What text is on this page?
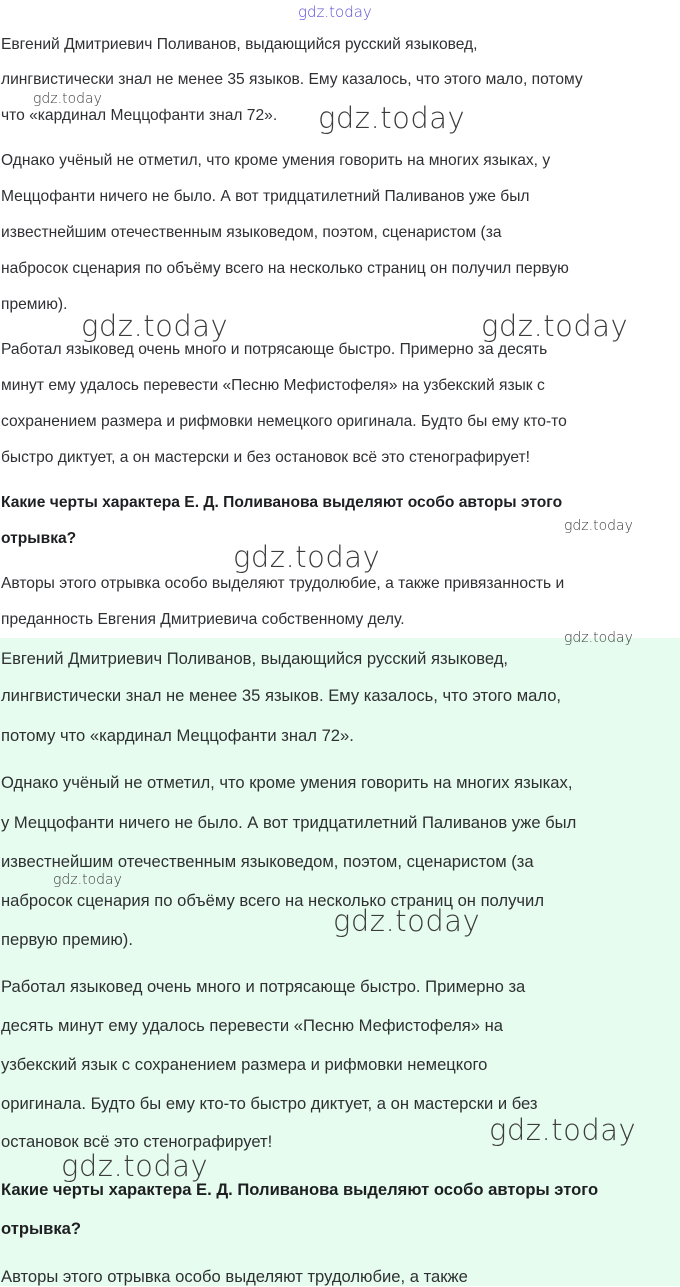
Евгений Дмитриевич Поливанов, выдающийся русский языковед,

лингвистически знал не менее 35 языков. Ему казалось, что этого мало, потому

что «кардинал Меццофанти знал 72».

Однако учёный не отметил, что кроме умения говорить на многих языках, у

Меццофанти ничего не было. А вот тридцатилетний Паливанов уже был

известнейшим отечественным языковедом, поэтом, сценаристом (за

набросок сценария по объёму всего на несколько страниц он получил первую

премию).

Работал языковед очень много и потрясающе быстро. Примерно за десять

минут ему удалось перевести «Песню Мефистофеля» на узбекский язык с

сохранением размера и рифмовки немецкого оригинала. Будто бы ему кто-то

быстро диктует, а он мастерски и без остановок всё это стенографирует!

Какие черты характера Е. Д. Поливанова выделяют особо авторы этого

отрывка?

Авторы этого отрывка особо выделяют трудолюбие, а также привязанность и

преданность Евгения Дмитриевича собственному делу.

Евгений Дмитриевич Поливанов, выдающийся русский языковед,

лингвистически знал не менее 35 языков. Ему казалось, что этого мало,

потому что «кардинал Меццофанти знал 72».

Однако учёный не отметил, что кроме умения говорить на многих языках,

у Меццофанти ничего не было. А вот тридцатилетний Паливанов уже был

известнейшим отечественным языковедом, поэтом, сценаристом (за

набросок сценария по объёму всего на несколько страниц он получил

первую премию).

Работал языковед очень много и потрясающе быстро. Примерно за

десять минут ему удалось перевести «Песню Мефистофеля» на

узбекский язык с сохранением размера и рифмовки немецкого

оригинала. Будто бы ему кто-то быстро диктует, а он мастерски и без

остановок всё это стенографирует!

Какие черты характера Е. Д. Поливанова выделяют особо авторы этого

отрывка?

Авторы этого отрывка особо выделяют трудолюбие, а также

gdz.today
gdz.today
gdz.today
gdz.today	gdz.today
gdz.today
gdz.today
gdz.today
gdz.today
gdz.today
gdz.today
gdz.today
